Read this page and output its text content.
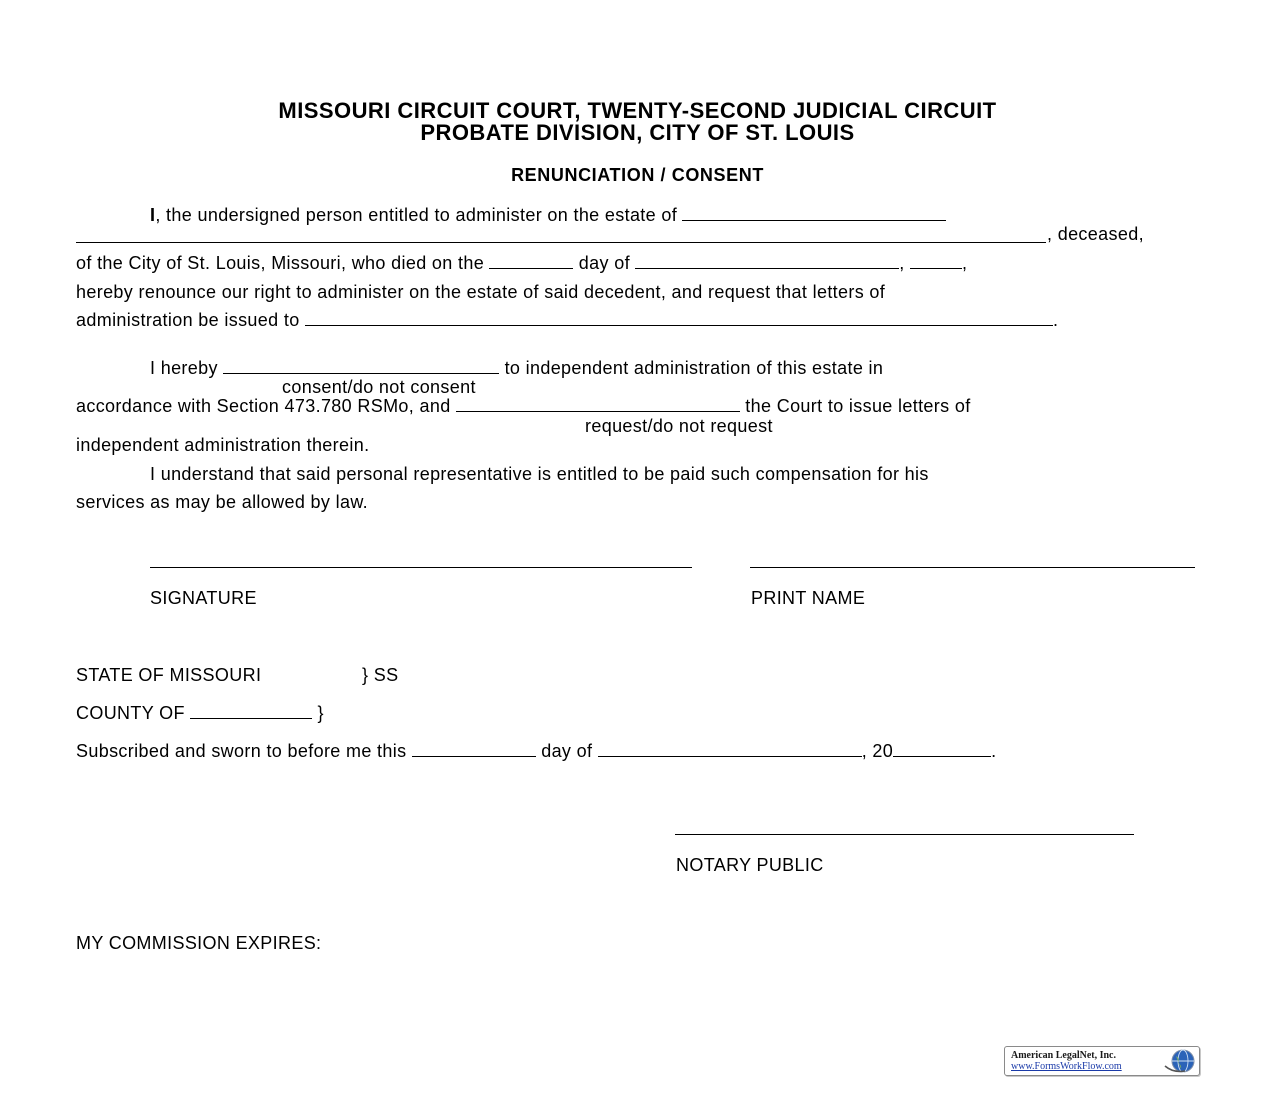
MISSOURI CIRCUIT COURT, TWENTY-SECOND JUDICIAL CIRCUIT
PROBATE DIVISION, CITY OF ST. LOUIS
RENUNCIATION / CONSENT
I, the undersigned person entitled to administer on the estate of
, deceased,
of the City of St. Louis, Missouri, who died on the	day of	,	,
hereby renounce our right to administer on the estate of said decedent, and request that letters of
administration be issued to	.
I hereby	to independent administration of this estate in
consent/do not consent
accordance with Section 473.780 RSMo, and	the Court to issue letters of
request/do not request
independent administration therein.
I understand that said personal representative is entitled to be paid such compensation for his
services as may be allowed by law.
SIGNATURE	PRINT NAME
STATE OF MISSOURI	} SS
COUNTY OF	}
Subscribed and sworn to before me this	day of	, 20	.
NOTARY PUBLIC
MY COMMISSION EXPIRES:
American LegalNet, Inc.
www.FormsWorkFlow.com
